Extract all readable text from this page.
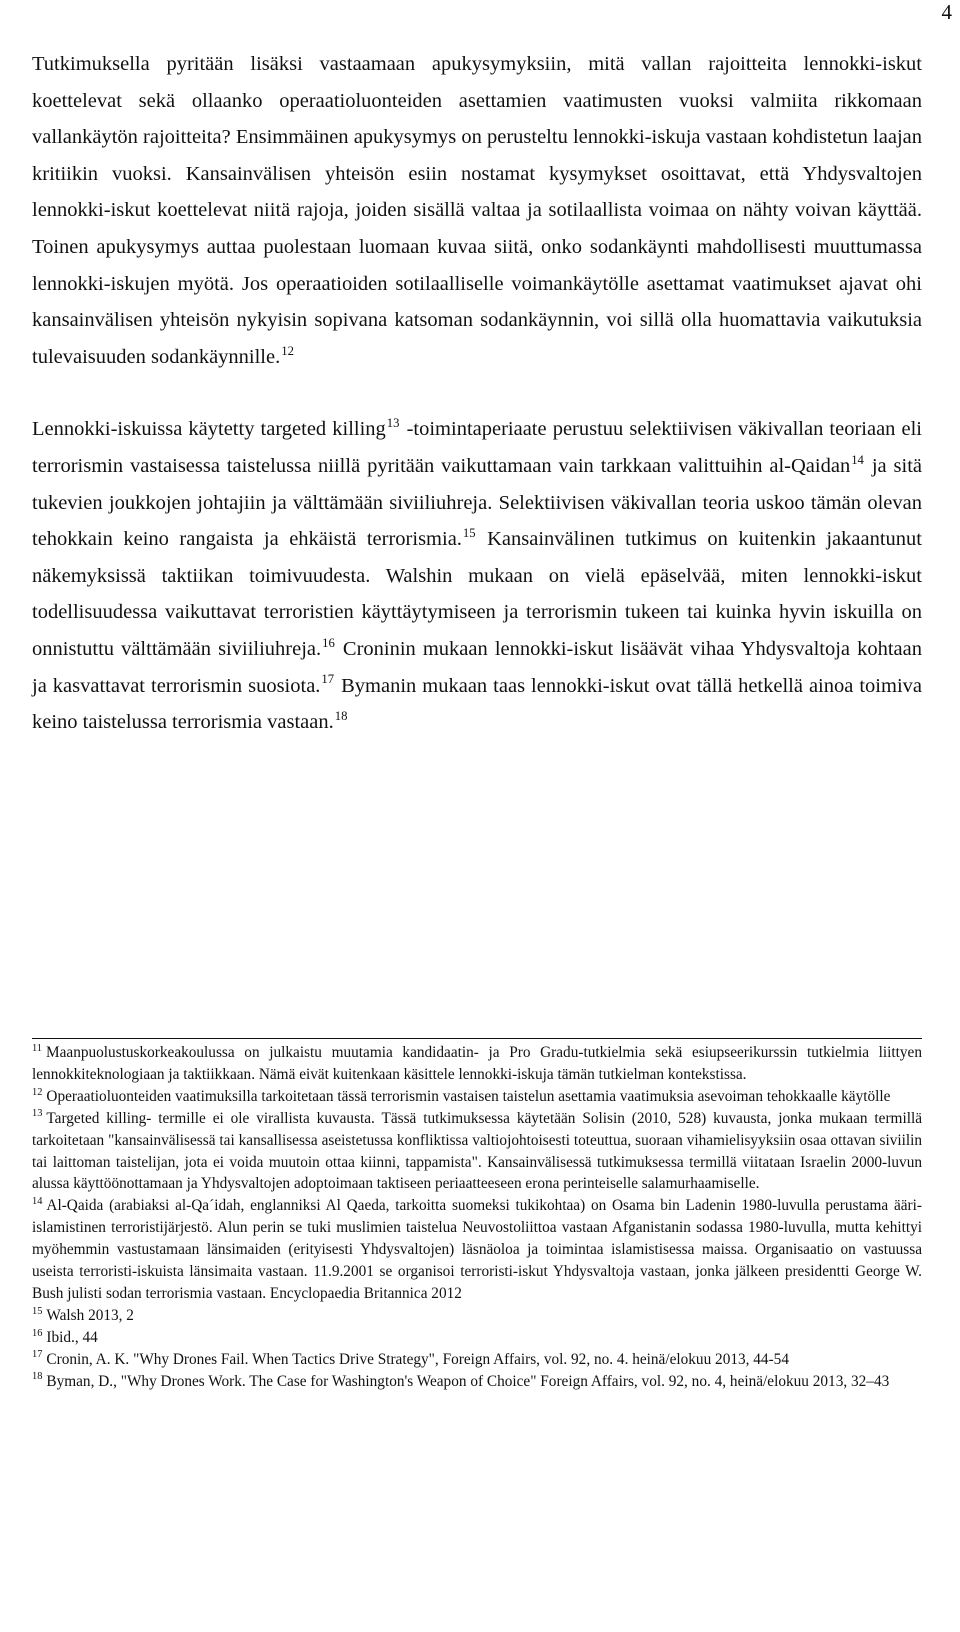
4

Tutkimuksella pyritään lisäksi vastaamaan apukysymyksiin, mitä vallan rajoitteita lennokki-iskut koettelevat sekä ollaanko operaatioluonteiden asettamien vaatimusten vuoksi valmiita rikkomaan vallankäytön rajoitteita? Ensimmäinen apukysymys on perusteltu lennokki-iskuja vastaan kohdistetun laajan kritiikin vuoksi. Kansainvälisen yhteisön esiin nostamat kysymykset osoittavat, että Yhdysvaltojen lennokki-iskut koettelevat niitä rajoja, joiden sisällä valtaa ja sotilaallista voimaa on nähty voivan käyttää. Toinen apukysymys auttaa puolestaan luomaan kuvaa siitä, onko sodankäynti mahdollisesti muuttumassa lennokki-iskujen myötä. Jos operaatioiden sotilaalliselle voimankäytölle asettamat vaatimukset ajavat ohi kansainvälisen yhteisön nykyisin sopivana katsoman sodankäynnin, voi sillä olla huomattavia vaikutuksia tulevaisuuden sodankäynnille.$^{12}$

Lennokki-iskuissa käytetty targeted killing$^{13}$ -toimintaperiaate perustuu selektiivisen väkivallan teoriaan eli terrorismin vastaisessa taistelussa niillä pyritään vaikuttamaan vain tarkkaan valittuihin al-Qaidan$^{14}$ ja sitä tukevien joukkojen johtajiin ja välttämään siviiliuhreja. Selektiivisen väkivallan teoria uskoo tämän olevan tehokkain keino rangaista ja ehkäistä terrorismia.$^{15}$ Kansainvälinen tutkimus on kuitenkin jakaantunut näkemyksissä taktiikan toimivuudesta. Walshin mukaan on vielä epäselvää, miten lennokki-iskut todellisuudessa vaikuttavat terroristien käyttäytymiseen ja terrorismin tukeen tai kuinka hyvin iskuilla on onnistuttu välttämään siviiliuhreja.$^{16}$ Croninin mukaan lennokki-iskut lisäävät vihaa Yhdysvaltoja kohtaan ja kasvattavat terrorismin suosiota.$^{17}$ Bymanin mukaan taas lennokki-iskut ovat tällä hetkellä ainoa toimiva keino taistelussa terrorismia vastaan.$^{18}$

$^{11}$ Maanpuolustuskorkeakoulussa on julkaistu muutamia kandidaatin- ja Pro Gradu-tutkielmia sekä esiupseerikurssin tutkielmia liittyen lennokkiteknologiaan ja taktiikkaan. Nämä eivät kuitenkaan käsittele lennokki-iskuja tämän tutkielman kontekstissa.

$^{12}$ Operaatioluonteiden vaatimuksilla tarkoitetaan tässä terrorismin vastaisen taistelun asettamia vaatimuksia asevoiman tehokkaalle käytölle

$^{13}$ Targeted killing- termille ei ole virallista kuvausta. Tässä tutkimuksessa käytetään Solisin (2010, 528) kuvausta, jonka mukaan termillä tarkoitetaan "kansainvälisessä tai kansallisessa aseistetussa konfliktissa valtiojohtoisesti toteuttua, suoraan vihamielisyyksiin osaa ottavan siviilin tai laittoman taistelijan, jota ei voida muutoin ottaa kiinni, tappamista". Kansainvälisessä tutkimuksessa termillä viitataan Israelin 2000-luvun alussa käyttöönottamaan ja Yhdysvaltojen adoptoimaan taktiseen periaatteeseen erona perinteiselle salamurhaamiselle.

$^{14}$ Al-Qaida (arabiaksi al-Qa´idah, englanniksi Al Qaeda, tarkoitta suomeksi tukikohtaa) on Osama bin Ladenin 1980-luvulla perustama ääri-islamistinen terroristijärjestö. Alun perin se tuki muslimien taistelua Neuvostoliittoa vastaan Afganistanin sodassa 1980-luvulla, mutta kehittyi myöhemmin vastustamaan länsimaiden (erityisesti Yhdysvaltojen) läsnäoloa ja toimintaa islamistisessa maissa. Organisaatio on vastuussa useista terroristi-iskuista länsimaita vastaan. 11.9.2001 se organisoi terroristi-iskut Yhdysvaltoja vastaan, jonka jälkeen presidentti George W. Bush julisti sodan terrorismia vastaan. Encyclopaedia Britannica 2012

$^{15}$ Walsh 2013, 2

$^{16}$ Ibid., 44

$^{17}$ Cronin, A. K. "Why Drones Fail. When Tactics Drive Strategy", Foreign Affairs, vol. 92, no. 4. heinä/elokuu 2013, 44-54

$^{18}$ Byman, D., "Why Drones Work. The Case for Washington's Weapon of Choice" Foreign Affairs, vol. 92, no. 4, heinä/elokuu 2013, 32–43
